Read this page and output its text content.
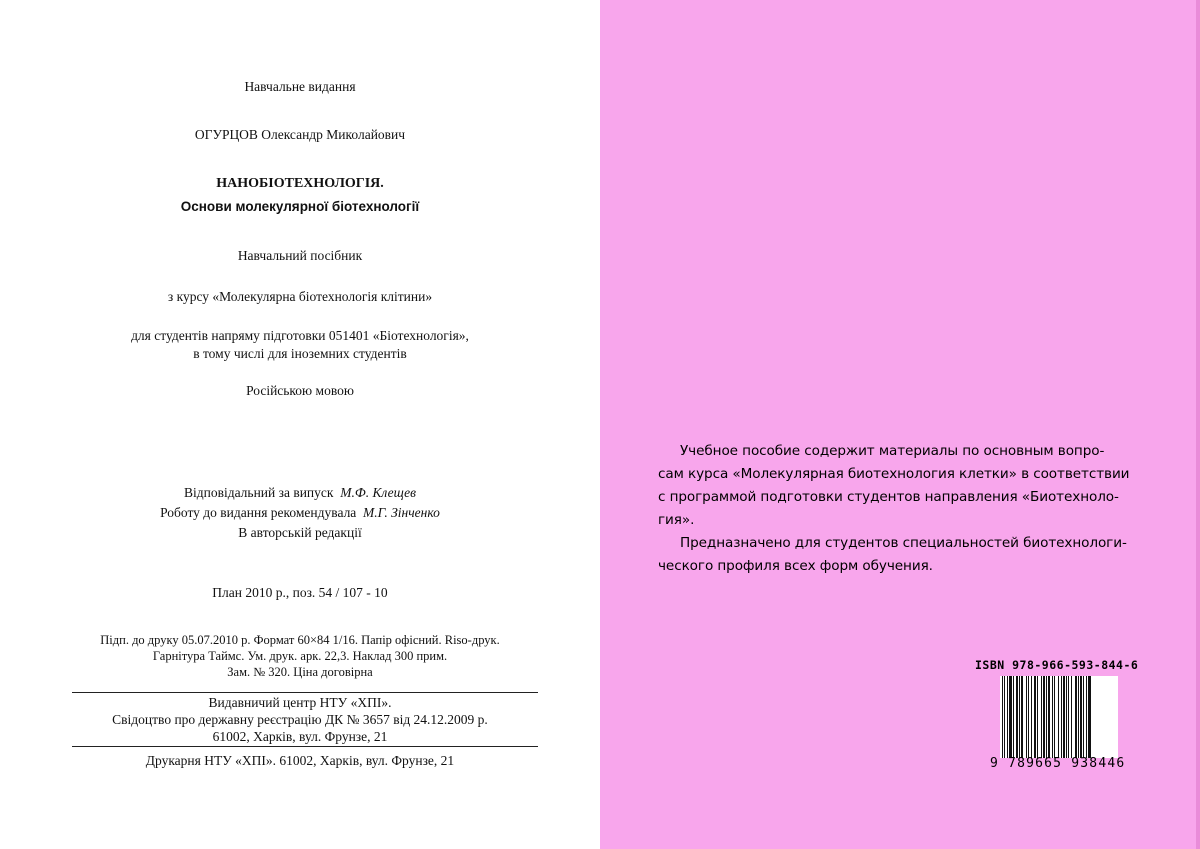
Навчальне видання
ОГУРЦОВ Олександр Миколайович
НАНОБІОТЕХНОЛОГІЯ.
Основи молекулярної біотехнології
Навчальний посібник
з курсу «Молекулярна біотехнологія клітини»
для студентів напряму підготовки 051401 «Біотехнологія»,
в тому числі для іноземних студентів
Російською мовою
Відповідальний за випуск М.Ф. Клещев
Роботу до видання рекомендувала М.Г. Зінченко
В авторській редакції
План 2010 р., поз. 54 / 107 - 10
Підп. до друку 05.07.2010 р. Формат 60×84 1/16. Папір офісний. Riso-друк.
Гарнітура Таймс. Ум. друк. арк. 22,3. Наклад 300 прим.
Зам. № 320. Ціна договірна
Видавничий центр НТУ «ХПІ».
Свідоцтво про державну реєстрацію ДК № 3657 від 24.12.2009 р.
61002, Харків, вул. Фрунзе, 21
Друкарня НТУ «ХПІ». 61002, Харків, вул. Фрунзе, 21

Учебное пособие содержит материалы по основным вопро-
сам курса «Молекулярная биотехнология клетки» в соответствии
с программой подготовки студентов направления «Биотехноло-
гия».

Предназначено для студентов специальностей биотехнологи-
ческого профиля всех форм обучения.

ISBN 978-966-593-844-6
9 789665 938446
